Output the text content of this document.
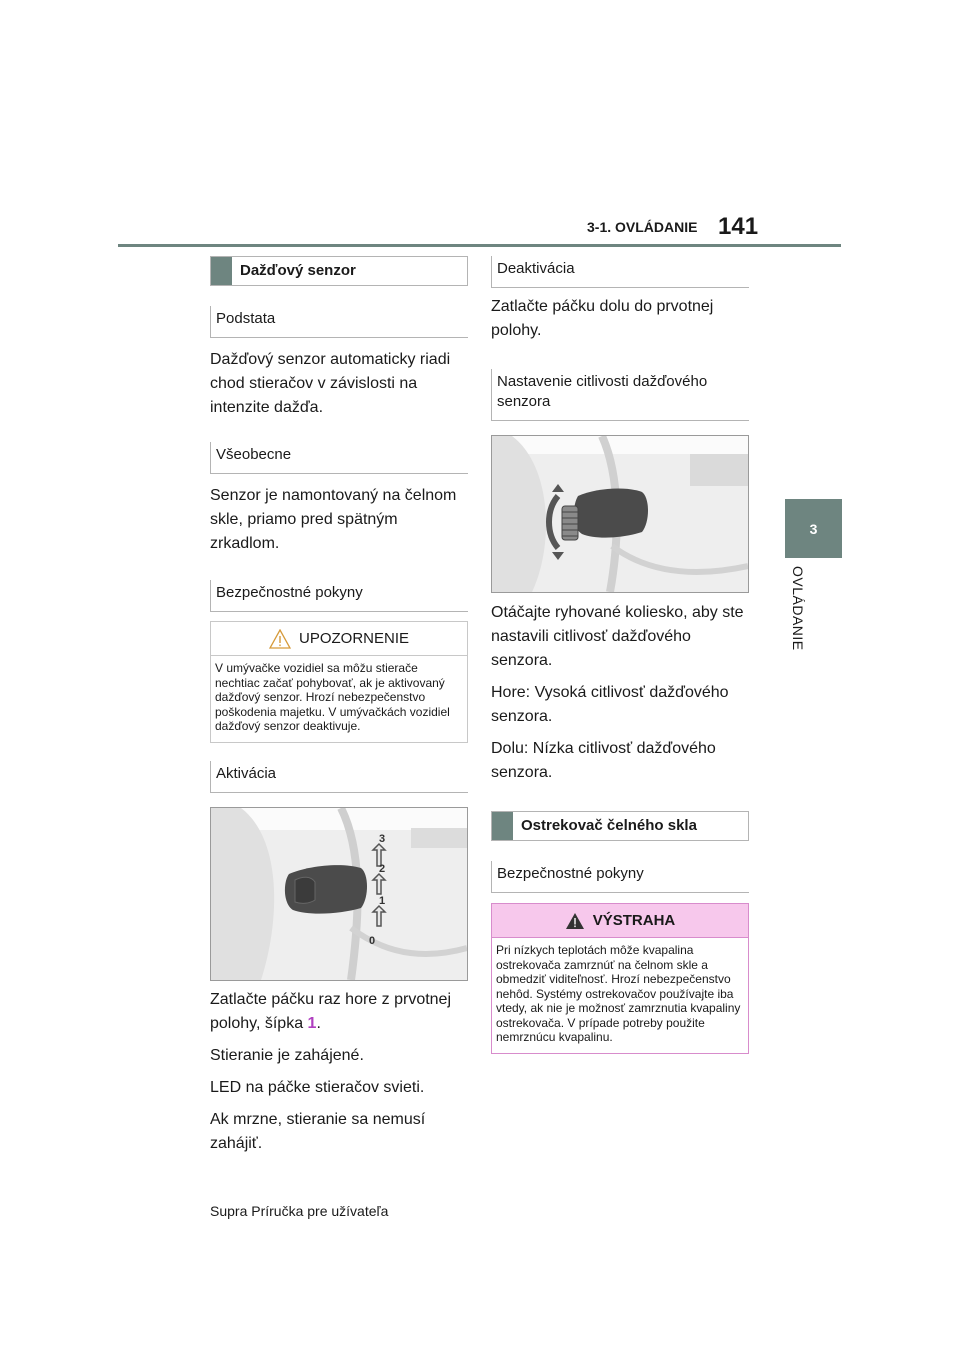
3-1. OVLÁDANIE 141
3
OVLÁDANIE
Dažďový senzor
Podstata

Dažďový senzor automaticky riadi chod stieračov v závislosti na intenzite dažďa.

Všeobecne

Senzor je namontovaný na čelnom skle, priamo pred spätným zrkadlom.

Bezpečnostné pokyny
UPOZORNENIE
V umývačke vozidiel sa môžu stierače nechtiac začať pohybovať, ak je aktivovaný dažďový senzor. Hrozí nebezpečenstvo poškodenia majetku. V umývačkách vozidiel dažďový senzor deaktivuje.
Aktivácia
3
2
1
0

Zatlačte páčku raz hore z prvotnej polohy, šípka 1.

Stieranie je zahájené.

LED na páčke stieračov svieti.

Ak mrzne, stieranie sa nemusí zahájiť.

Deaktivácia

Zatlačte páčku dolu do prvotnej polohy.

Nastavenie citlivosti dažďového senzora

Otáčajte ryhované koliesko, aby ste nastavili citlivosť dažďového senzora.

Hore: Vysoká citlivosť dažďového senzora.

Dolu: Nízka citlivosť dažďového senzora.

Ostrekovač čelného skla
Bezpečnostné pokyny
VÝSTRAHA
Pri nízkych teplotách môže kvapalina ostrekovača zamrznúť na čelnom skle a obmedziť viditeľnosť. Hrozí nebezpečenstvo nehôd. Systémy ostrekovačov používajte iba vtedy, ak nie je možnosť zamrznutia kvapaliny ostrekovača. V prípade potreby použite nemrznúcu kvapalinu.
Supra Príručka pre užívateľa
